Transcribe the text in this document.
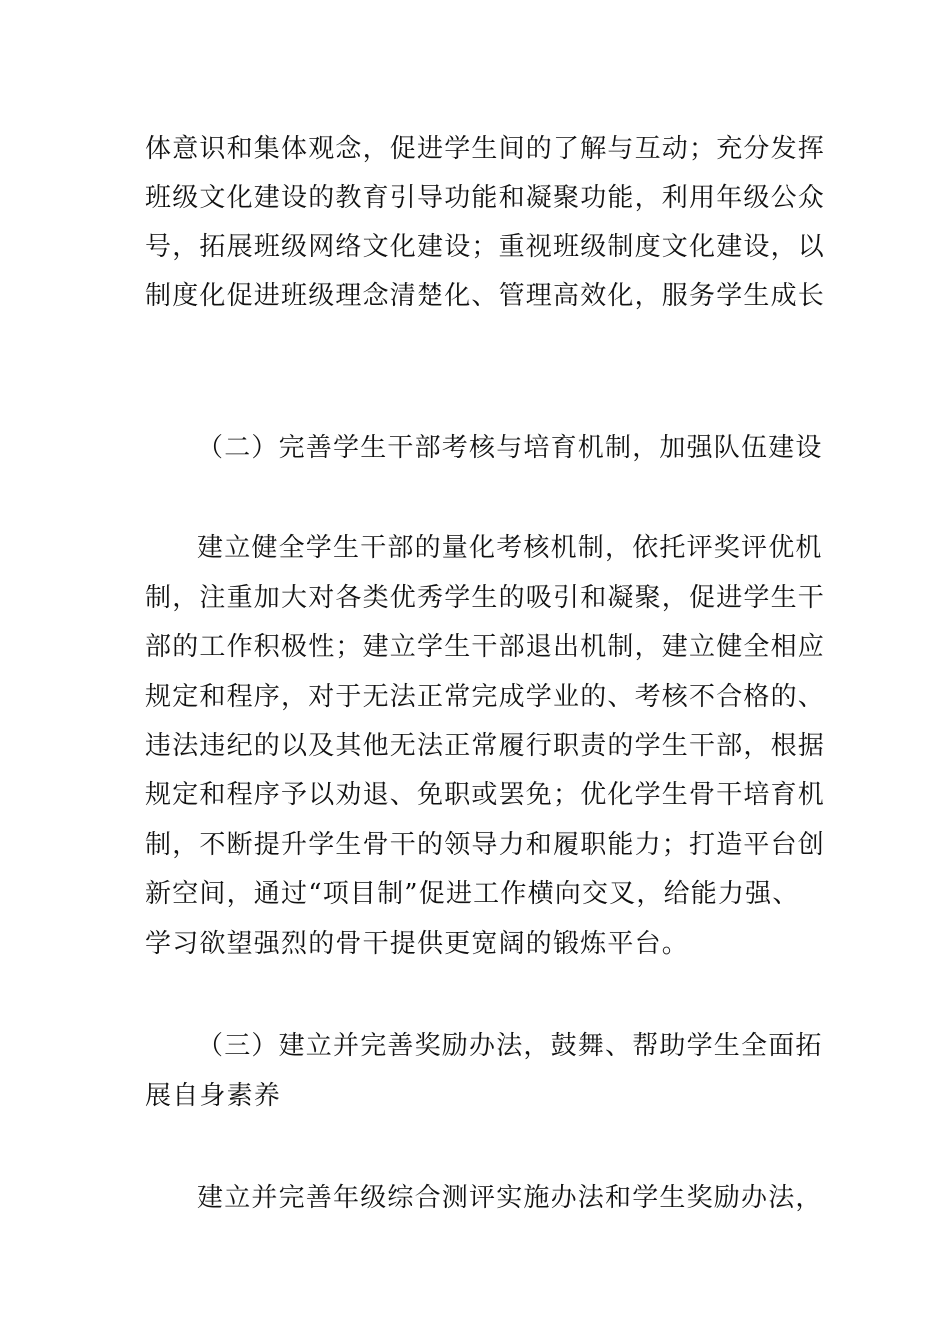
体意识和集体观念，促进学生间的了解与互动；充分发挥
班级文化建设的教育引导功能和凝聚功能，利用年级公众
号，拓展班级网络文化建设；重视班级制度文化建设，以
制度化促进班级理念清楚化、管理高效化，服务学生成长
（二）完善学生干部考核与培育机制，加强队伍建设
建立健全学生干部的量化考核机制，依托评奖评优机
制，注重加大对各类优秀学生的吸引和凝聚，促进学生干
部的工作积极性；建立学生干部退出机制，建立健全相应
规定和程序，对于无法正常完成学业的、考核不合格的、
违法违纪的以及其他无法正常履行职责的学生干部，根据
规定和程序予以劝退、免职或罢免；优化学生骨干培育机
制，不断提升学生骨干的领导力和履职能力；打造平台创
新空间，通过“项目制”促进工作横向交叉，给能力强、
学习欲望强烈的骨干提供更宽阔的锻炼平台。
（三）建立并完善奖励办法，鼓舞、帮助学生全面拓
展自身素养
建立并完善年级综合测评实施办法和学生奖励办法，
